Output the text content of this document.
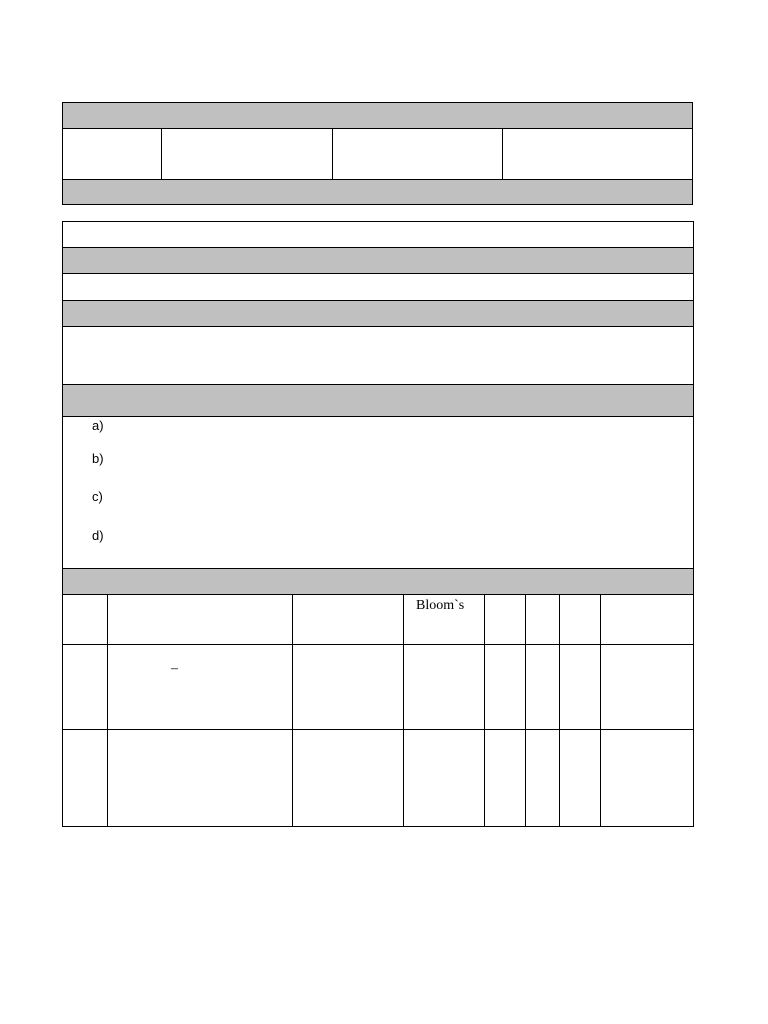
a)
b)
c)
d)
Bloom`s
–
